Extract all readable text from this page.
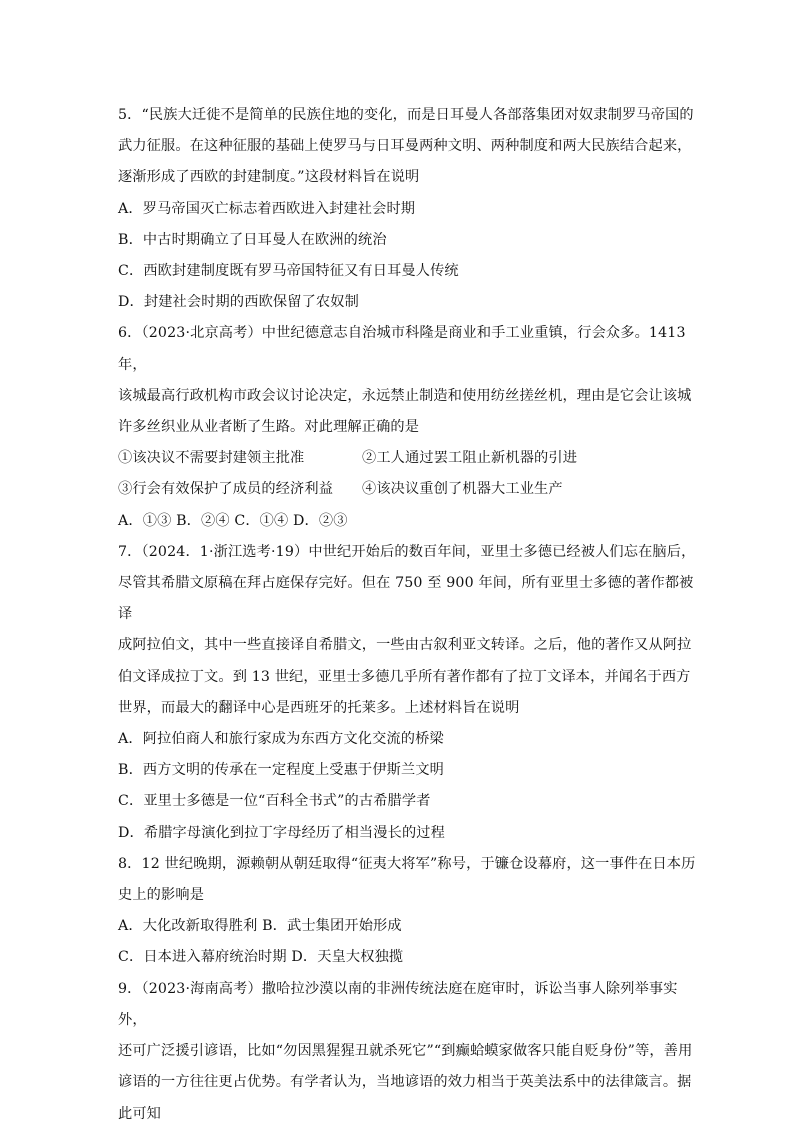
5．“民族大迁徙不是简单的民族住地的变化，而是日耳曼人各部落集团对奴隶制罗马帝国的

武力征服。在这种征服的基础上使罗马与日耳曼两种文明、两种制度和两大民族结合起来，

逐渐形成了西欧的封建制度。”这段材料旨在说明

A．罗马帝国灭亡标志着西欧进入封建社会时期

B．中古时期确立了日耳曼人在欧洲的统治

C．西欧封建制度既有罗马帝国特征又有日耳曼人传统

D．封建社会时期的西欧保留了农奴制

6．（2023·北京高考）中世纪德意志自治城市科隆是商业和手工业重镇，行会众多。1413 年，

该城最高行政机构市政会议讨论决定，永远禁止制造和使用纺丝搓丝机，理由是它会让该城

许多丝织业从业者断了生路。对此理解正确的是

①该决议不需要封建领主批准	②工人通过罢工阻止新机器的引进
③行会有效保护了成员的经济利益	④该决议重创了机器大工业生产

A．①③ B．②④ C．①④ D．②③

7．（2024．1·浙江选考·19）中世纪开始后的数百年间，亚里士多德已经被人们忘在脑后，

尽管其希腊文原稿在拜占庭保存完好。但在 750 至 900 年间，所有亚里士多德的著作都被译

成阿拉伯文，其中一些直接译自希腊文，一些由古叙利亚文转译。之后，他的著作又从阿拉

伯文译成拉丁文。到 13 世纪，亚里士多德几乎所有著作都有了拉丁文译本，并闻名于西方

世界，而最大的翻译中心是西班牙的托莱多。上述材料旨在说明

A．阿拉伯商人和旅行家成为东西方文化交流的桥梁

B．西方文明的传承在一定程度上受惠于伊斯兰文明

C．亚里士多德是一位“百科全书式”的古希腊学者

D．希腊字母演化到拉丁字母经历了相当漫长的过程

8．12 世纪晚期，源赖朝从朝廷取得“征夷大将军”称号，于镰仓设幕府，这一事件在日本历

史上的影响是

A．大化改新取得胜利 B．武士集团开始形成

C．日本进入幕府统治时期 D．天皇大权独揽

9．（2023·海南高考）撒哈拉沙漠以南的非洲传统法庭在庭审时，诉讼当事人除列举事实外，

还可广泛援引谚语，比如“勿因黑猩猩丑就杀死它”“到癫蛤蟆家做客只能自贬身份”等，善用

谚语的一方往往更占优势。有学者认为，当地谚语的效力相当于英美法系中的法律箴言。据

此可知
